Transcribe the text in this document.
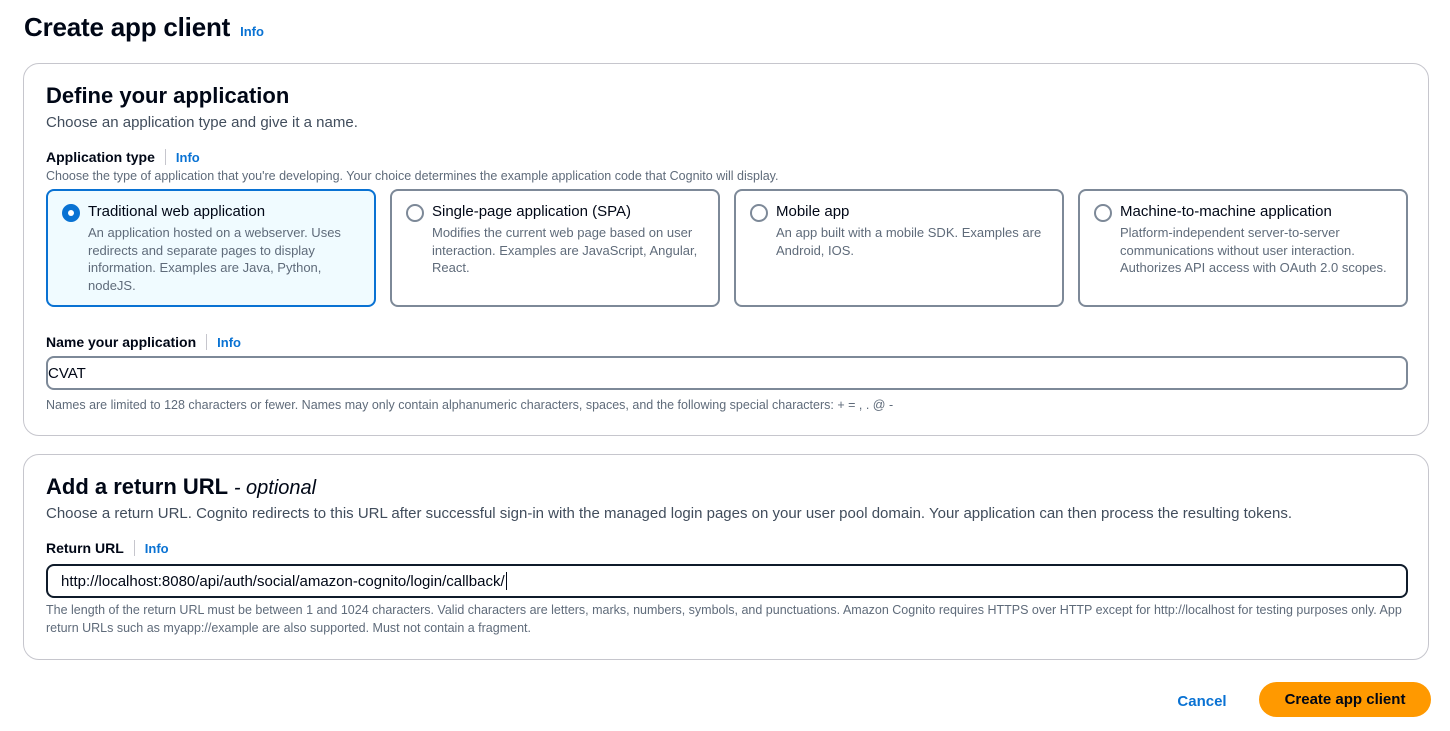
Create app client Info
Define your application
Choose an application type and give it a name.
Application type Info
Choose the type of application that you're developing. Your choice determines the example application code that Cognito will display.
Traditional web application
An application hosted on a webserver. Uses redirects and separate pages to display information. Examples are Java, Python, nodeJS.
Single-page application (SPA)
Modifies the current web page based on user interaction. Examples are JavaScript, Angular, React.
Mobile app
An app built with a mobile SDK. Examples are Android, IOS.
Machine-to-machine application
Platform-independent server-to-server communications without user interaction. Authorizes API access with OAuth 2.0 scopes.
Name your application Info
CVAT
Names are limited to 128 characters or fewer. Names may only contain alphanumeric characters, spaces, and the following special characters: + = , . @ -
Add a return URL - optional
Choose a return URL. Cognito redirects to this URL after successful sign-in with the managed login pages on your user pool domain. Your application can then process the resulting tokens.
Return URL Info
http://localhost:8080/api/auth/social/amazon-cognito/login/callback/
The length of the return URL must be between 1 and 1024 characters. Valid characters are letters, marks, numbers, symbols, and punctuations. Amazon Cognito requires HTTPS over HTTP except for http://localhost for testing purposes only. App return URLs such as myapp://example are also supported. Must not contain a fragment.
Cancel	Create app client
